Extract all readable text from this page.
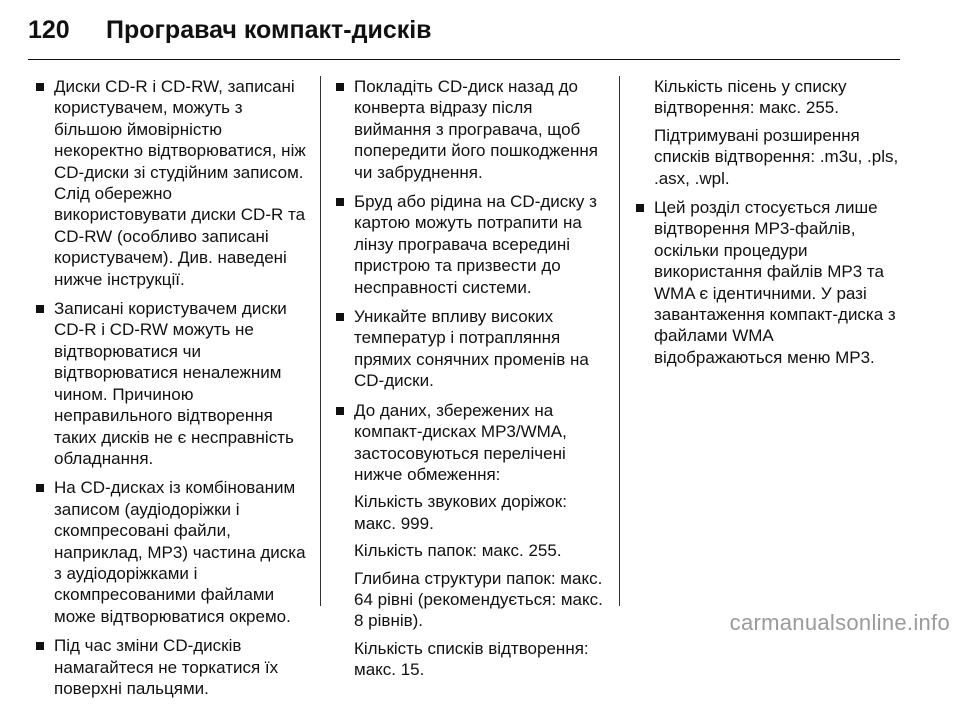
120	Програвач компакт-дисків

Диски CD-R і CD-RW, записані користувачем, можуть з більшою ймовірністю некоректно відтворюватися, ніж CD-диски зі студійним записом. Слід обережно використовувати диски CD-R та CD-RW (особливо записані користувачем). Див. наведені нижче інструкції.

Записані користувачем диски CD-R і CD-RW можуть не відтворюватися чи відтворюватися неналежним чином. Причиною неправильного відтворення таких дисків не є несправність обладнання.

На CD-дисках із комбінованим записом (аудіодоріжки і скомпресовані файли, наприклад, MP3) частина диска з аудіодоріжками і скомпресованими файлами може відтворюватися окремо.

Під час зміни CD-дисків намагайтеся не торкатися їх поверхні пальцями.

Покладіть CD-диск назад до конверта відразу після виймання з програвача, щоб попередити його пошкодження чи забруднення.

Бруд або рідина на CD-диску з картою можуть потрапити на лінзу програвача всередині пристрою та призвести до несправності системи.

Уникайте впливу високих температур і потрапляння прямих сонячних променів на CD-диски.

До даних, збережених на компакт-дисках MP3/WMA, застосовуються перелічені нижче обмеження:

Кількість звукових доріжок: макс. 999.

Кількість папок: макс. 255.

Глибина структури папок: макс. 64 рівні (рекомендується: макс. 8 рівнів).

Кількість списків відтворення: макс. 15.

Кількість пісень у списку відтворення: макс. 255.

Підтримувані розширення списків відтворення: .m3u, .pls, .asx, .wpl.

Цей розділ стосується лише відтворення MP3-файлів, оскільки процедури використання файлів MP3 та WMA є ідентичними. У разі завантаження компакт-диска з файлами WMA відображаються меню MP3.

carmanualsonline.info
